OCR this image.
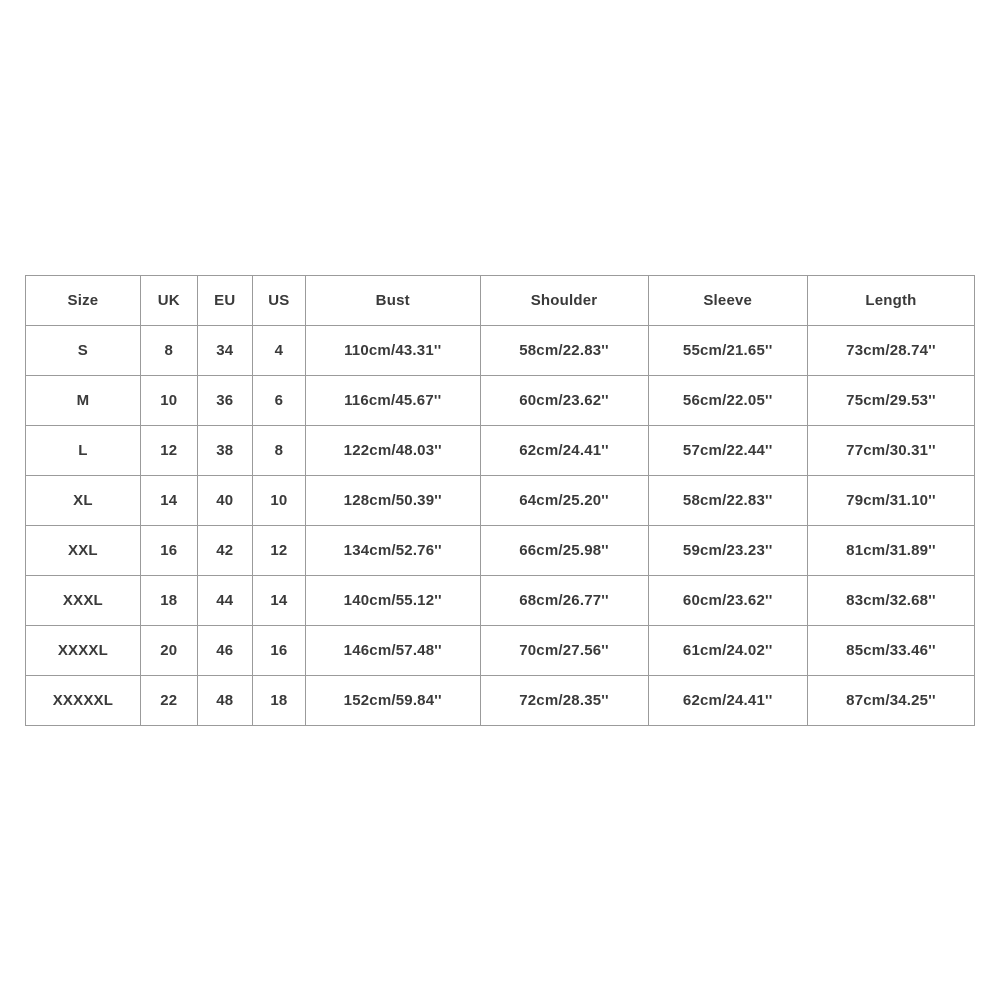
Size	UK	EU	US	Bust	Shoulder	Sleeve	Length
S	8	34	4	110cm/43.31''	58cm/22.83''	55cm/21.65''	73cm/28.74''
M	10	36	6	116cm/45.67''	60cm/23.62''	56cm/22.05''	75cm/29.53''
L	12	38	8	122cm/48.03''	62cm/24.41''	57cm/22.44''	77cm/30.31''
XL	14	40	10	128cm/50.39''	64cm/25.20''	58cm/22.83''	79cm/31.10''
XXL	16	42	12	134cm/52.76''	66cm/25.98''	59cm/23.23''	81cm/31.89''
XXXL	18	44	14	140cm/55.12''	68cm/26.77''	60cm/23.62''	83cm/32.68''
XXXXL	20	46	16	146cm/57.48''	70cm/27.56''	61cm/24.02''	85cm/33.46''
XXXXXL	22	48	18	152cm/59.84''	72cm/28.35''	62cm/24.41''	87cm/34.25''
